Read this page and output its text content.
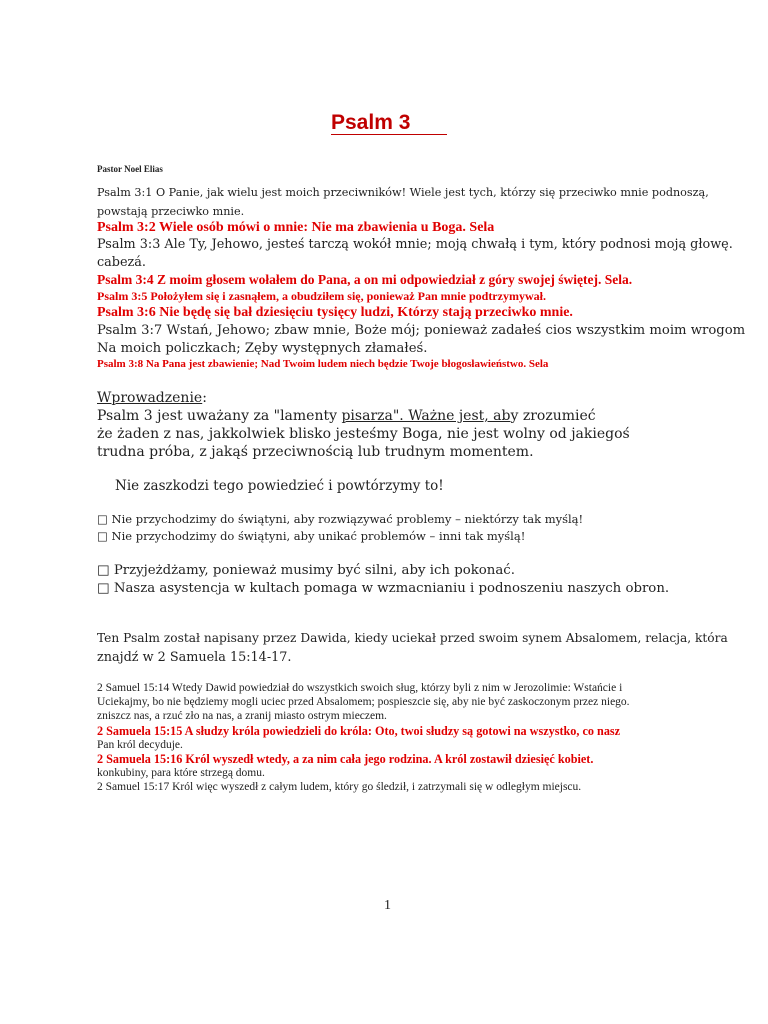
Psalm 3
Pastor Noel Elias
Psalm 3:1 O Panie, jak wielu jest moich przeciwników! Wiele jest tych, którzy się przeciwko mnie podnoszą,
powstają przeciwko mnie.
Psalm 3:2 Wiele osób mówi o mnie: Nie ma zbawienia u Boga. Sela
Psalm 3:3 Ale Ty, Jehowo, jesteś tarczą wokół mnie; moją chwałą i tym, który podnosi moją głowę.
cabezá.
Psalm 3:4 Z moim głosem wołałem do Pana, a on mi odpowiedział z góry swojej świętej. Sela.
Psalm 3:5 Położyłem się i zasnąłem, a obudziłem się, ponieważ Pan mnie podtrzymywał.
Psalm 3:6 Nie będę się bał dziesięciu tysięcy ludzi, Którzy stają przeciwko mnie.
Psalm 3:7 Wstań, Jehowo; zbaw mnie, Boże mój; ponieważ zadałeś cios wszystkim moim wrogom
Na moich policzkach; Zęby występnych złamałeś.
Psalm 3:8 Na Pana jest zbawienie; Nad Twoim ludem niech będzie Twoje błogosławieństwo. Sela
Wprowadzenie:
Psalm 3 jest uważany za "lamenty pisarza". Ważne jest, aby zrozumieć
że żaden z nas, jakkolwiek blisko jesteśmy Boga, nie jest wolny od jakiegoś
trudna próba, z jakąś przeciwnością lub trudnym momentem.
Nie zaszkodzi tego powiedzieć i powtórzymy to!
□ Nie przychodzimy do świątyni, aby rozwiązywać problemy – niektórzy tak myślą!
□ Nie przychodzimy do świątyni, aby unikać problemów – inni tak myślą!
□ Przyjeżdżamy, ponieważ musimy być silni, aby ich pokonać.
□ Nasza asystencja w kultach pomaga w wzmacnianiu i podnoszeniu naszych obron.
Ten Psalm został napisany przez Dawida, kiedy uciekał przed swoim synem Absalomem, relacja, która
znajdź w 2 Samuela 15:14-17.
2 Samuel 15:14 Wtedy Dawid powiedział do wszystkich swoich sług, którzy byli z nim w Jerozolimie: Wstańcie i
Uciekajmy, bo nie będziemy mogli uciec przed Absalomem; pospieszcie się, aby nie być zaskoczonym przez niego.
zniszcz nas, a rzuć zło na nas, a zranij miasto ostrym mieczem.
2 Samuela 15:15 A słudzy króla powiedzieli do króla: Oto, twoi słudzy są gotowi na wszystko, co nasz
Pan król decyduje.
2 Samuela 15:16 Król wyszedł wtedy, a za nim cała jego rodzina. A król zostawił dziesięć kobiet.
konkubiny, para które strzegą domu.
2 Samuel 15:17 Król więc wyszedł z całym ludem, który go śledził, i zatrzymali się w odległym miejscu.
1
